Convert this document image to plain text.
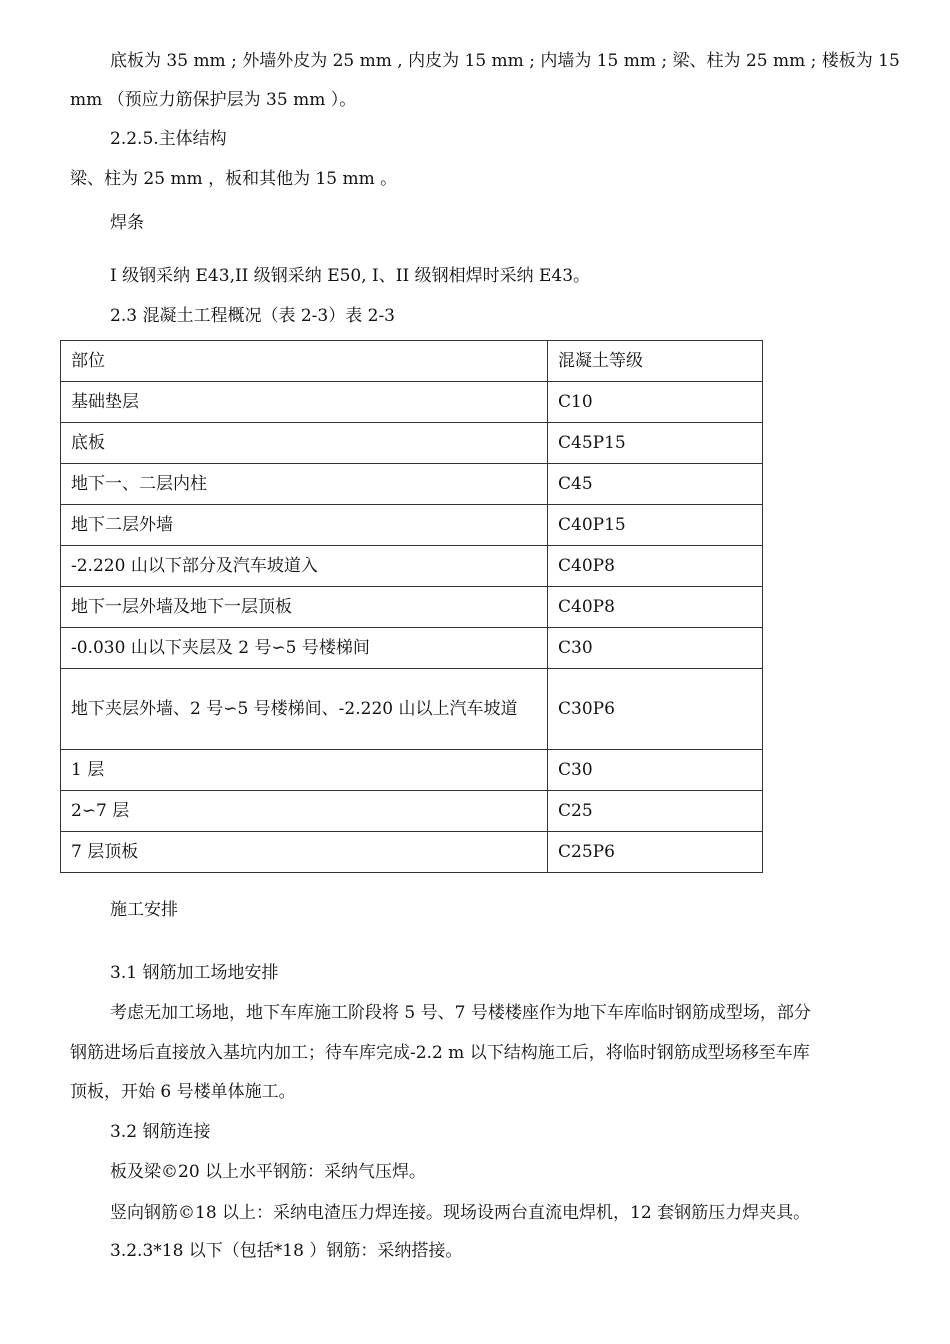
底板为 35 mm ; 外墙外皮为 25 mm , 内皮为 15 mm ; 内墙为 15 mm ; 梁、柱为 25 mm ; 楼板为 15
mm （预应力筋保护层为 35 mm ）。
2.2.5.主体结构
梁、柱为 25 mm ，板和其他为 15 mm 。
焊条
I 级钢采纳 E43,II 级钢采纳 E50, I、II 级钢相焊时采纳 E43。
2.3 混凝土工程概况（表 2-3）表 2-3
部位	混凝土等级
基础垫层	C10
底板	C45P15
地下一、二层内柱	C45
地下二层外墙	C40P15
-2.220 山以下部分及汽车坡道入	C40P8
地下一层外墙及地下一层顶板	C40P8
-0.030 山以下夹层及 2 号∽5 号楼梯间	C30
地下夹层外墙、2 号∽5 号楼梯间、-2.220 山以上汽车坡道	C30P6
1 层	C30
2∽7 层	C25
7 层顶板	C25P6
施工安排
3.1 钢筋加工场地安排
考虑无加工场地，地下车库施工阶段将 5 号、7 号楼楼座作为地下车库临时钢筋成型场，部分
钢筋进场后直接放入基坑内加工；待车库完成-2.2 m 以下结构施工后，将临时钢筋成型场移至车库
顶板，开始 6 号楼单体施工。
3.2 钢筋连接
板及梁©20 以上水平钢筋：采纳气压焊。
竖向钢筋©18 以上：采纳电渣压力焊连接。现场设两台直流电焊机，12 套钢筋压力焊夹具。
3.2.3*18 以下（包括*18 ）钢筋：采纳搭接。
